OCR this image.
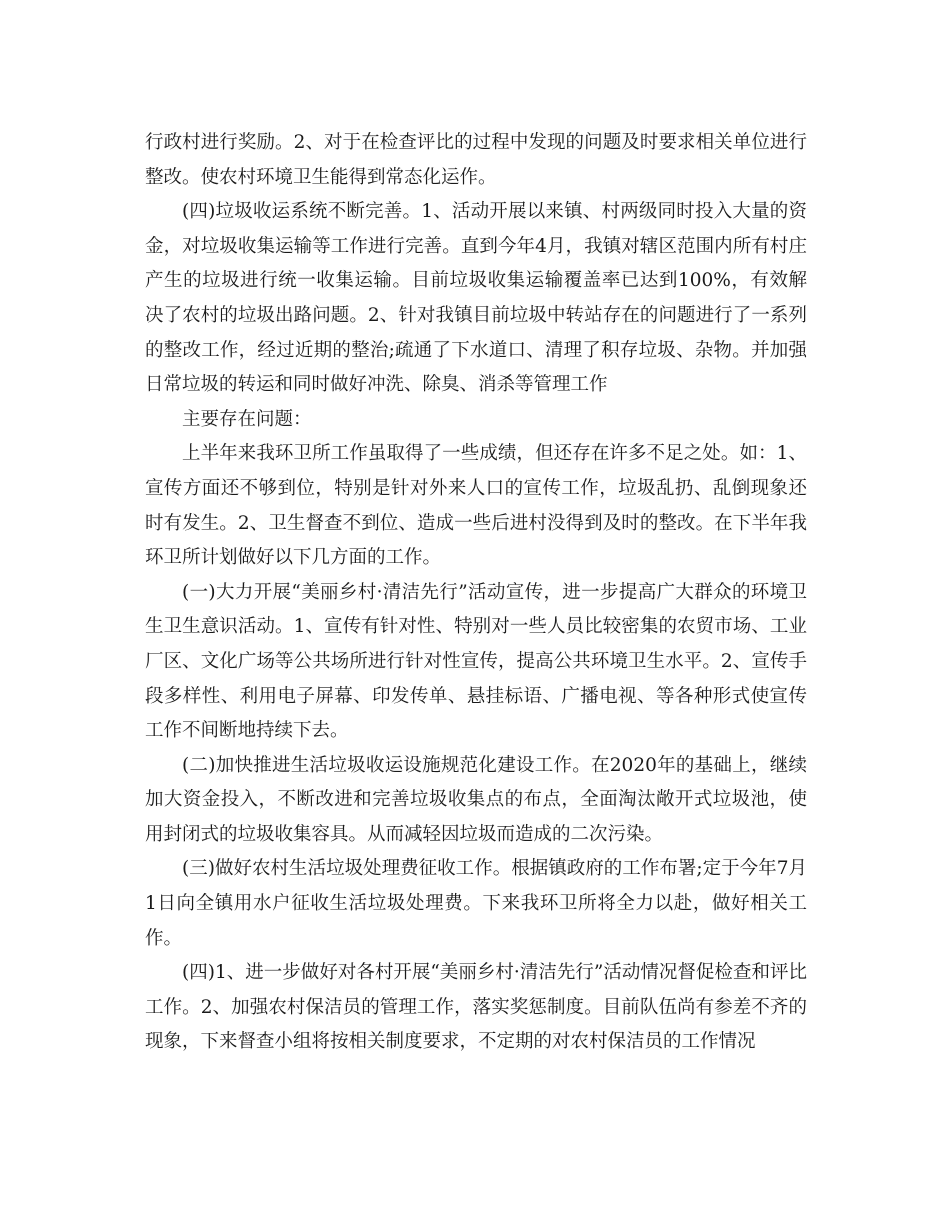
行政村进行奖励。2、对于在检查评比的过程中发现的问题及时要求相关单位进行整改。使农村环境卫生能得到常态化运作。

(四)垃圾收运系统不断完善。1、活动开展以来镇、村两级同时投入大量的资金，对垃圾收集运输等工作进行完善。直到今年4月，我镇对辖区范围内所有村庄产生的垃圾进行统一收集运输。目前垃圾收集运输覆盖率已达到100%，有效解决了农村的垃圾出路问题。2、针对我镇目前垃圾中转站存在的问题进行了一系列的整改工作，经过近期的整治;疏通了下水道口、清理了积存垃圾、杂物。并加强日常垃圾的转运和同时做好冲洗、除臭、消杀等管理工作

主要存在问题：

上半年来我环卫所工作虽取得了一些成绩，但还存在许多不足之处。如：1、宣传方面还不够到位，特别是针对外来人口的宣传工作，垃圾乱扔、乱倒现象还时有发生。2、卫生督查不到位、造成一些后进村没得到及时的整改。在下半年我环卫所计划做好以下几方面的工作。

(一)大力开展“美丽乡村·清洁先行”活动宣传，进一步提高广大群众的环境卫生卫生意识活动。1、宣传有针对性、特别对一些人员比较密集的农贸市场、工业厂区、文化广场等公共场所进行针对性宣传，提高公共环境卫生水平。2、宣传手段多样性、利用电子屏幕、印发传单、悬挂标语、广播电视、等各种形式使宣传工作不间断地持续下去。

(二)加快推进生活垃圾收运设施规范化建设工作。在2020年的基础上，继续加大资金投入，不断改进和完善垃圾收集点的布点，全面淘汰敞开式垃圾池，使用封闭式的垃圾收集容具。从而减轻因垃圾而造成的二次污染。

(三)做好农村生活垃圾处理费征收工作。根据镇政府的工作布署;定于今年7月1日向全镇用水户征收生活垃圾处理费。下来我环卫所将全力以赴，做好相关工作。

(四)1、进一步做好对各村开展“美丽乡村·清洁先行”活动情况督促检查和评比工作。2、加强农村保洁员的管理工作，落实奖惩制度。目前队伍尚有参差不齐的现象，下来督查小组将按相关制度要求，不定期的对农村保洁员的工作情况
